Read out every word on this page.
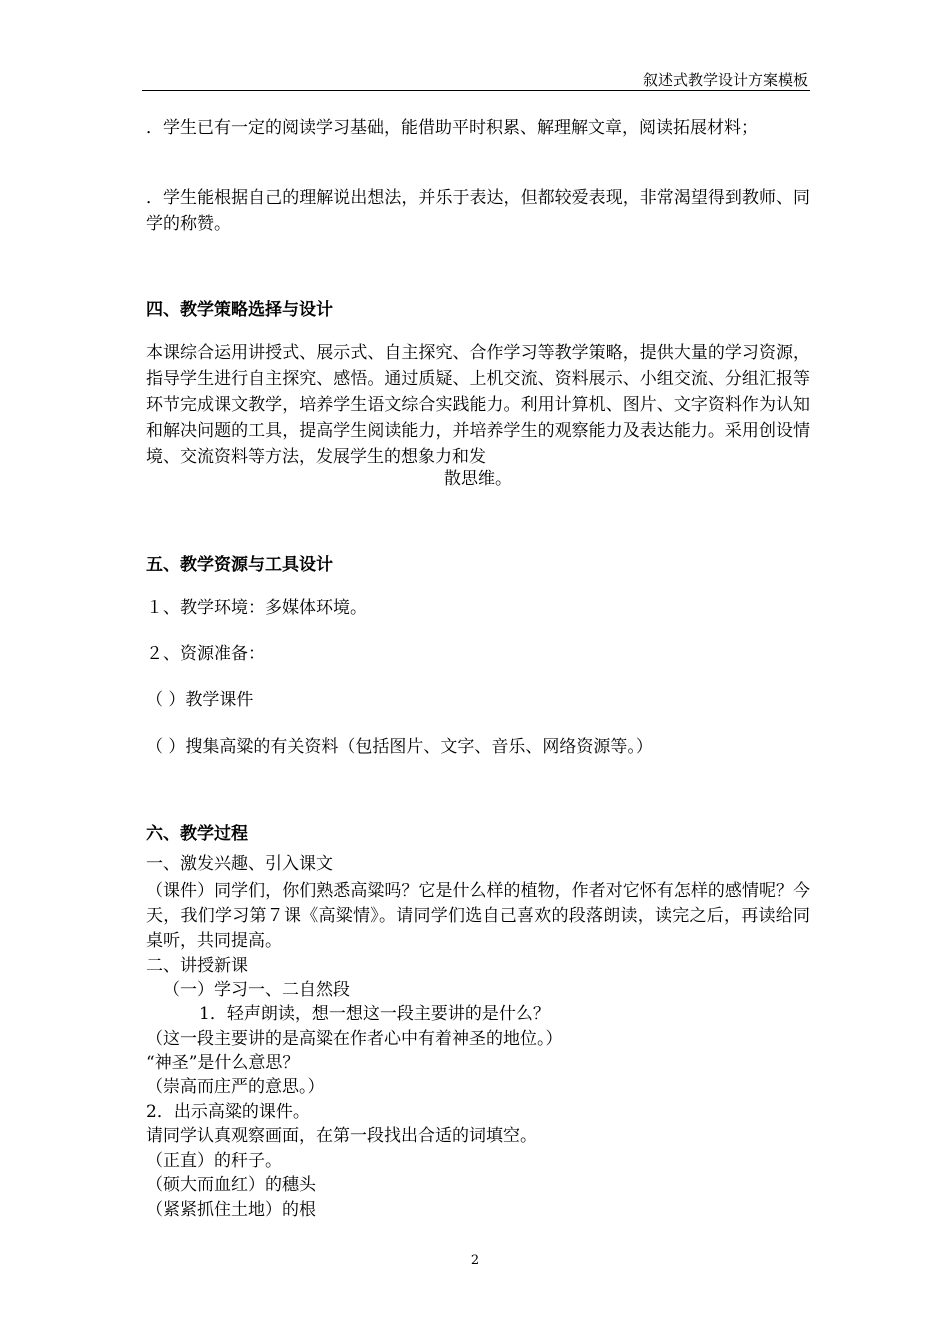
叙述式教学设计方案模板
．学生已有一定的阅读学习基础，能借助平时积累、解理解文章，阅读拓展材料；
．学生能根据自己的理解说出想法，并乐于表达，但都较爱表现，非常渴望得到教师、同学的称赞。
四、教学策略选择与设计
本课综合运用讲授式、展示式、自主探究、合作学习等教学策略，提供大量的学习资源，指导学生进行自主探究、感悟。通过质疑、上机交流、资料展示、小组交流、分组汇报等环节完成课文教学，培养学生语文综合实践能力。利用计算机、图片、文字资料作为认知和解决问题的工具，提高学生阅读能力，并培养学生的观察能力及表达能力。采用创设情境、交流资料等方法，发展学生的想象力和发
散思维。
五、教学资源与工具设计
１、教学环境：多媒体环境。
２、资源准备：
（ ）教学课件
（ ）搜集高粱的有关资料（包括图片、文字、音乐、网络资源等。）
六、教学过程
一、激发兴趣、引入课文
（课件）同学们，你们熟悉高粱吗？它是什么样的植物，作者对它怀有怎样的感情呢？今天，我们学习第７课《高粱情》。请同学们选自己喜欢的段落朗读，读完之后，再读给同桌听，共同提高。
二、讲授新课
（一）学习一、二自然段
1．轻声朗读，想一想这一段主要讲的是什么？
（这一段主要讲的是高粱在作者心中有着神圣的地位。）
“神圣”是什么意思？
（崇高而庄严的意思。）
2．出示高粱的课件。
请同学认真观察画面，在第一段找出合适的词填空。
（正直）的秆子。
（硕大而血红）的穗头
（紧紧抓住土地）的根
2
